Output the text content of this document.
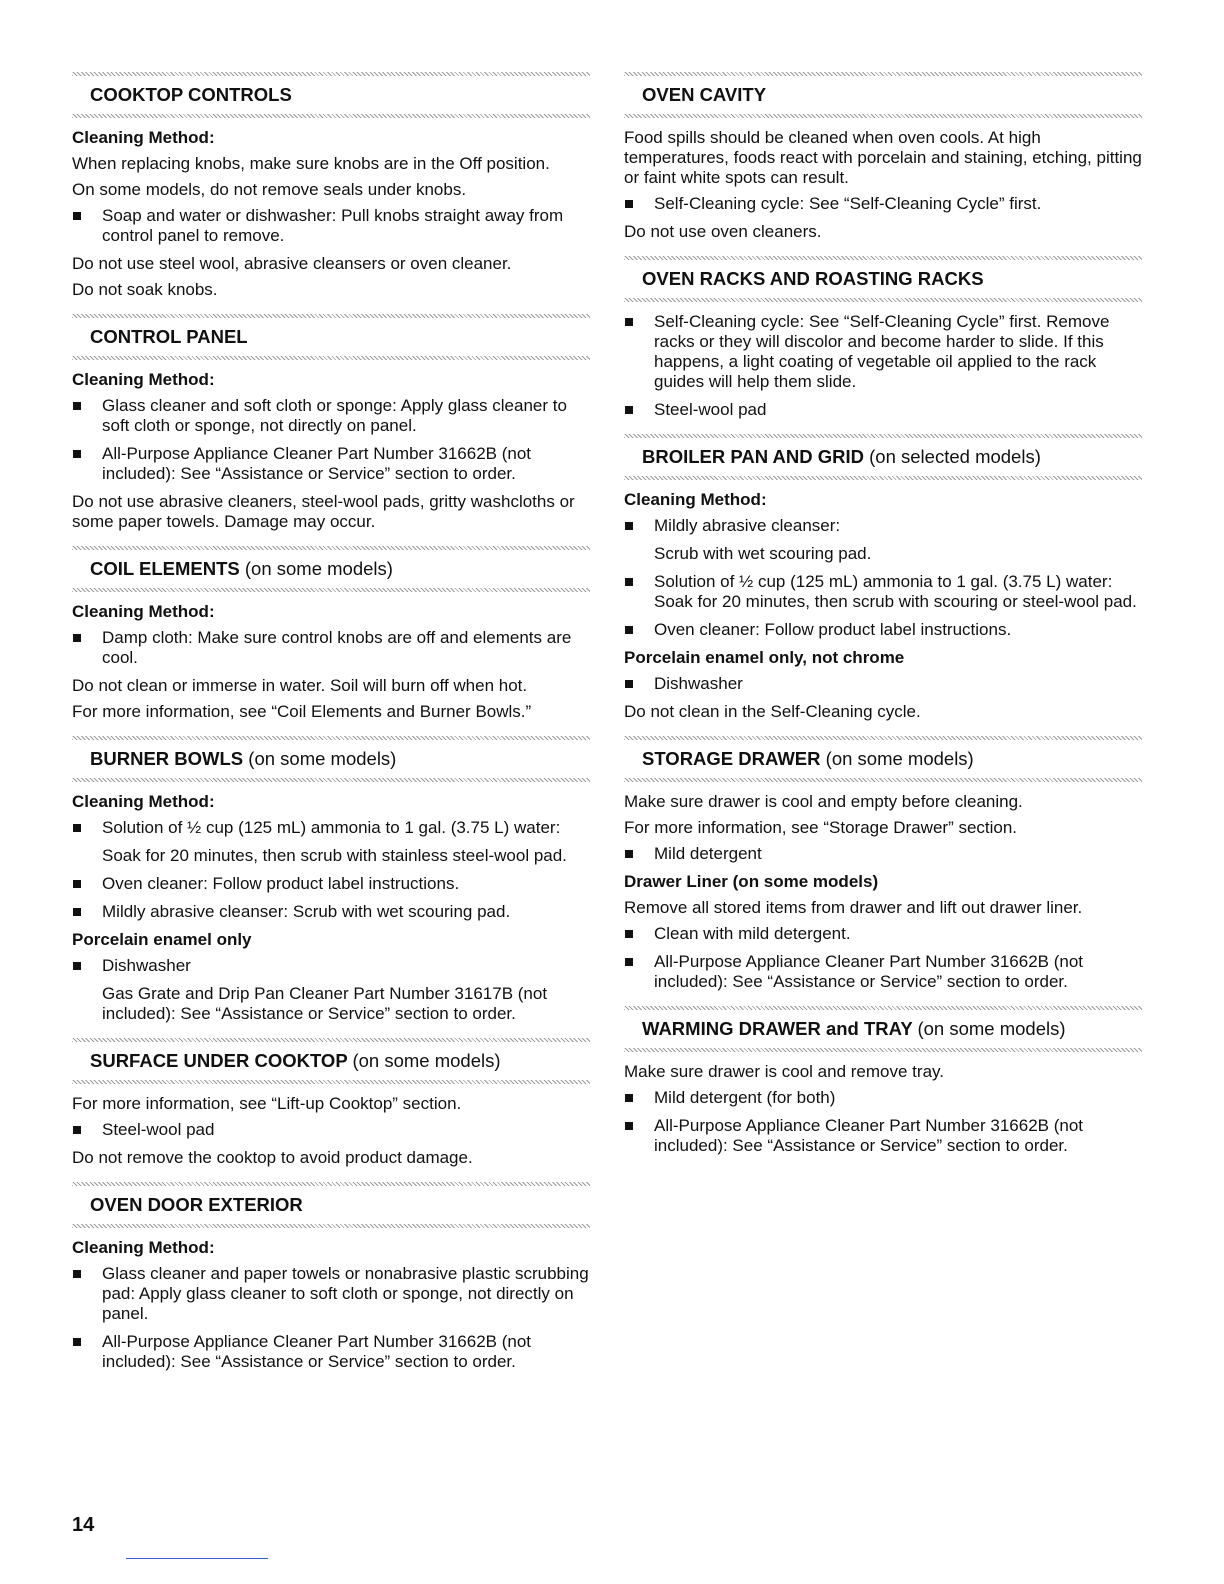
COOKTOP CONTROLS
Cleaning Method:
When replacing knobs, make sure knobs are in the Off position.
On some models, do not remove seals under knobs.
Soap and water or dishwasher: Pull knobs straight away from control panel to remove.
Do not use steel wool, abrasive cleansers or oven cleaner.
Do not soak knobs.
CONTROL PANEL
Cleaning Method:
Glass cleaner and soft cloth or sponge: Apply glass cleaner to soft cloth or sponge, not directly on panel.
All-Purpose Appliance Cleaner Part Number 31662B (not included): See “Assistance or Service” section to order.
Do not use abrasive cleaners, steel-wool pads, gritty washcloths or some paper towels. Damage may occur.
COIL ELEMENTS (on some models)
Cleaning Method:
Damp cloth: Make sure control knobs are off and elements are cool.
Do not clean or immerse in water. Soil will burn off when hot.
For more information, see “Coil Elements and Burner Bowls.”
BURNER BOWLS (on some models)
Cleaning Method:
Solution of ½ cup (125 mL) ammonia to 1 gal. (3.75 L) water:
Soak for 20 minutes, then scrub with stainless steel-wool pad.
Oven cleaner: Follow product label instructions.
Mildly abrasive cleanser: Scrub with wet scouring pad.
Porcelain enamel only
Dishwasher
Gas Grate and Drip Pan Cleaner Part Number 31617B (not included): See “Assistance or Service” section to order.
SURFACE UNDER COOKTOP (on some models)
For more information, see “Lift-up Cooktop” section.
Steel-wool pad
Do not remove the cooktop to avoid product damage.
OVEN DOOR EXTERIOR
Cleaning Method:
Glass cleaner and paper towels or nonabrasive plastic scrubbing pad: Apply glass cleaner to soft cloth or sponge, not directly on panel.
All-Purpose Appliance Cleaner Part Number 31662B (not included): See “Assistance or Service” section to order.
OVEN CAVITY
Food spills should be cleaned when oven cools. At high temperatures, foods react with porcelain and staining, etching, pitting or faint white spots can result.
Self-Cleaning cycle: See “Self-Cleaning Cycle” first.
Do not use oven cleaners.
OVEN RACKS AND ROASTING RACKS
Self-Cleaning cycle: See “Self-Cleaning Cycle” first. Remove racks or they will discolor and become harder to slide. If this happens, a light coating of vegetable oil applied to the rack guides will help them slide.
Steel-wool pad
BROILER PAN AND GRID (on selected models)
Cleaning Method:
Mildly abrasive cleanser:
Scrub with wet scouring pad.
Solution of ½ cup (125 mL) ammonia to 1 gal. (3.75 L) water: Soak for 20 minutes, then scrub with scouring or steel-wool pad.
Oven cleaner: Follow product label instructions.
Porcelain enamel only, not chrome
Dishwasher
Do not clean in the Self-Cleaning cycle.
STORAGE DRAWER (on some models)
Make sure drawer is cool and empty before cleaning.
For more information, see “Storage Drawer” section.
Mild detergent
Drawer Liner (on some models)
Remove all stored items from drawer and lift out drawer liner.
Clean with mild detergent.
All-Purpose Appliance Cleaner Part Number 31662B (not included): See “Assistance or Service” section to order.
WARMING DRAWER and TRAY (on some models)
Make sure drawer is cool and remove tray.
Mild detergent (for both)
All-Purpose Appliance Cleaner Part Number 31662B (not included): See “Assistance or Service” section to order.
14
